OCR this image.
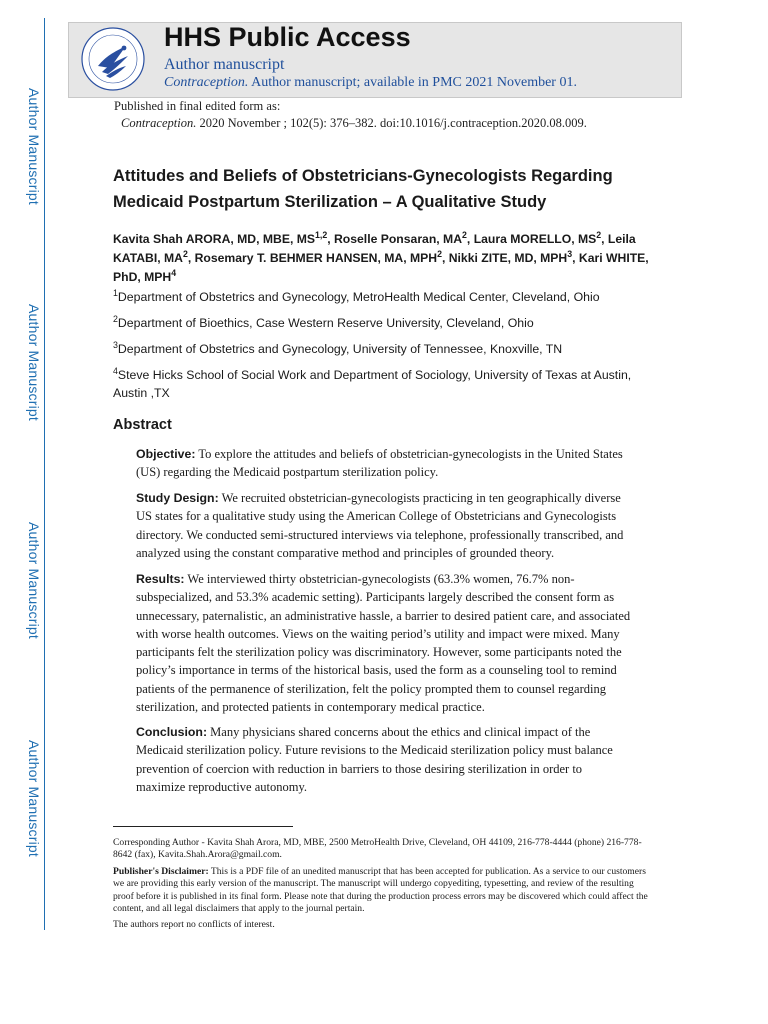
Author Manuscript
Author Manuscript
Author Manuscript
Author Manuscript
HHS Public Access
Author manuscript
Contraception. Author manuscript; available in PMC 2021 November 01.
Published in final edited form as:
Contraception. 2020 November ; 102(5): 376–382. doi:10.1016/j.contraception.2020.08.009.
Attitudes and Beliefs of Obstetricians-Gynecologists Regarding Medicaid Postpartum Sterilization – A Qualitative Study
Kavita Shah ARORA, MD, MBE, MS$^{1,2}$, Roselle Ponsaran, $MA^2$, Laura MORELLO, $MS^2$, Leila KATABI, $MA^2$, Rosemary T. BEHMER HANSEN, MA, MPH$^2$, Nikki ZITE, MD, MPH$^3$, Kari WHITE, PhD, MPH$^4$
$^1$Department of Obstetrics and Gynecology, MetroHealth Medical Center, Cleveland, Ohio
$^2$Department of Bioethics, Case Western Reserve University, Cleveland, Ohio
$^3$Department of Obstetrics and Gynecology, University of Tennessee, Knoxville, TN
$^4$Steve Hicks School of Social Work and Department of Sociology, University of Texas at Austin, Austin ,TX
Abstract

Objective: To explore the attitudes and beliefs of obstetrician-gynecologists in the United States (US) regarding the Medicaid postpartum sterilization policy.

Study Design: We recruited obstetrician-gynecologists practicing in ten geographically diverse US states for a qualitative study using the American College of Obstetricians and Gynecologists directory. We conducted semi-structured interviews via telephone, professionally transcribed, and analyzed using the constant comparative method and principles of grounded theory.

Results: We interviewed thirty obstetrician-gynecologists (63.3% women, 76.7% non-subspecialized, and 53.3% academic setting). Participants largely described the consent form as unnecessary, paternalistic, an administrative hassle, a barrier to desired patient care, and associated with worse health outcomes. Views on the waiting period’s utility and impact were mixed. Many participants felt the sterilization policy was discriminatory. However, some participants noted the policy’s importance in terms of the historical basis, used the form as a counseling tool to remind patients of the permanence of sterilization, felt the policy prompted them to counsel regarding sterilization, and protected patients in contemporary medical practice.

Conclusion: Many physicians shared concerns about the ethics and clinical impact of the Medicaid sterilization policy. Future revisions to the Medicaid sterilization policy must balance prevention of coercion with reduction in barriers to those desiring sterilization in order to maximize reproductive autonomy.

Corresponding Author - Kavita Shah Arora, MD, MBE, 2500 MetroHealth Drive, Cleveland, OH 44109, 216-778-4444 (phone) 216-778-8642 (fax), Kavita.Shah.Arora@gmail.com.

Publisher's Disclaimer: This is a PDF file of an unedited manuscript that has been accepted for publication. As a service to our customers we are providing this early version of the manuscript. The manuscript will undergo copyediting, typesetting, and review of the resulting proof before it is published in its final form. Please note that during the production process errors may be discovered which could affect the content, and all legal disclaimers that apply to the journal pertain.

The authors report no conflicts of interest.
